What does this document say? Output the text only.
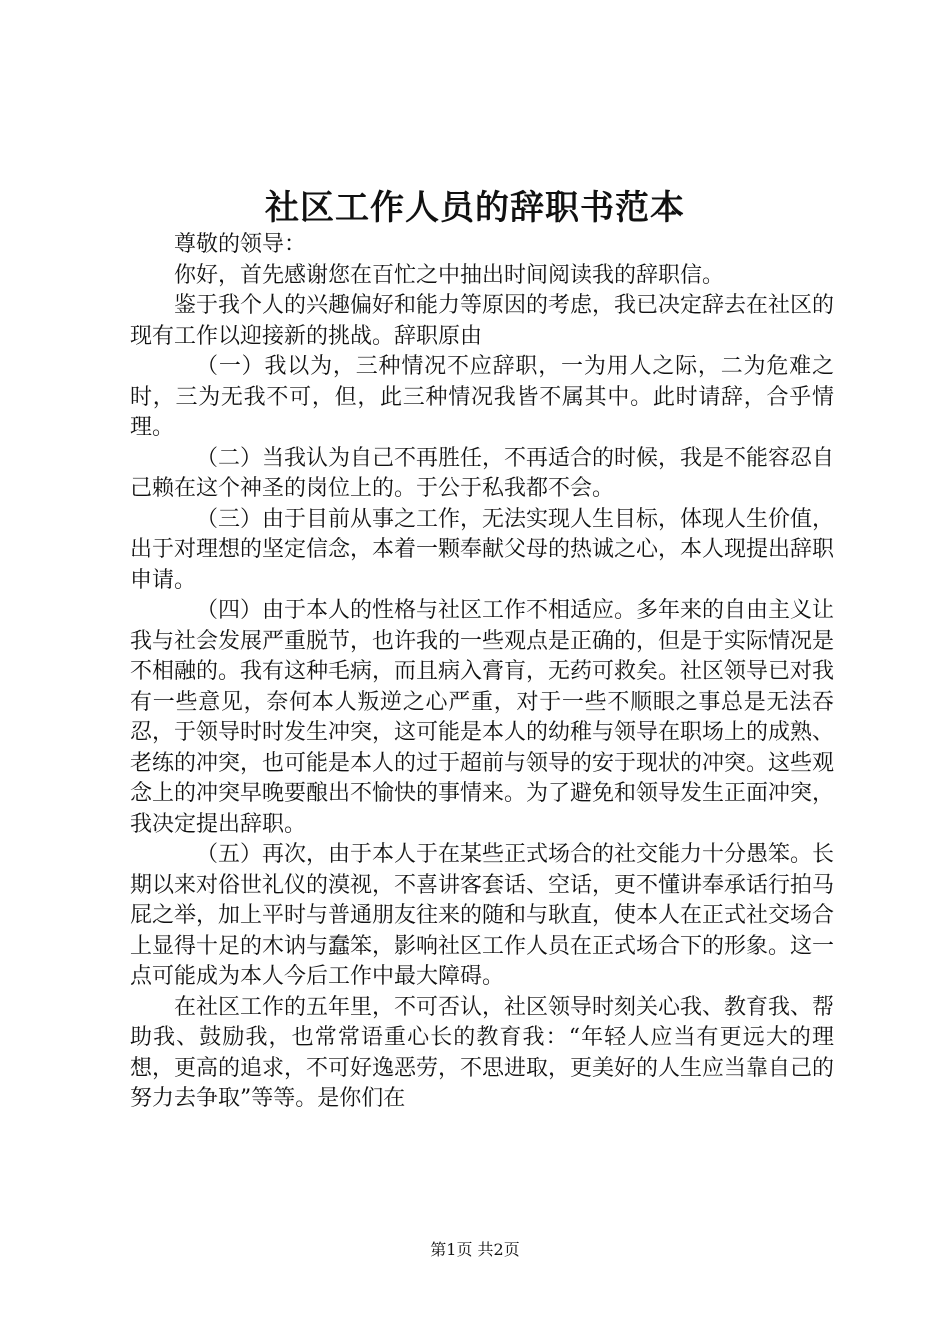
社区工作人员的辞职书范本

尊敬的领导：

你好，首先感谢您在百忙之中抽出时间阅读我的辞职信。

鉴于我个人的兴趣偏好和能力等原因的考虑，我已决定辞去在社区的现有工作以迎接新的挑战。辞职原由

（一）我以为，三种情况不应辞职，一为用人之际，二为危难之时，三为无我不可，但，此三种情况我皆不属其中。此时请辞，合乎情理。

（二）当我认为自己不再胜任，不再适合的时候，我是不能容忍自己赖在这个神圣的岗位上的。于公于私我都不会。

（三）由于目前从事之工作，无法实现人生目标，体现人生价值，出于对理想的坚定信念，本着一颗奉献父母的热诚之心，本人现提出辞职申请。

（四）由于本人的性格与社区工作不相适应。多年来的自由主义让我与社会发展严重脱节，也许我的一些观点是正确的，但是于实际情况是不相融的。我有这种毛病，而且病入膏肓，无药可救矣。社区领导已对我有一些意见，奈何本人叛逆之心严重，对于一些不顺眼之事总是无法吞忍，于领导时时发生冲突，这可能是本人的幼稚与领导在职场上的成熟、老练的冲突，也可能是本人的过于超前与领导的安于现状的冲突。这些观念上的冲突早晚要酿出不愉快的事情来。为了避免和领导发生正面冲突，我决定提出辞职。

（五）再次，由于本人于在某些正式场合的社交能力十分愚笨。长期以来对俗世礼仪的漠视，不喜讲客套话、空话，更不懂讲奉承话行拍马屁之举，加上平时与普通朋友往来的随和与耿直，使本人在正式社交场合上显得十足的木讷与蠢笨，影响社区工作人员在正式场合下的形象。这一点可能成为本人今后工作中最大障碍。

在社区工作的五年里，不可否认，社区领导时刻关心我、教育我、帮助我、鼓励我，也常常语重心长的教育我：“年轻人应当有更远大的理想，更高的追求，不可好逸恶劳，不思进取，更美好的人生应当靠自己的努力去争取”等等。是你们在

第1页 共2页
